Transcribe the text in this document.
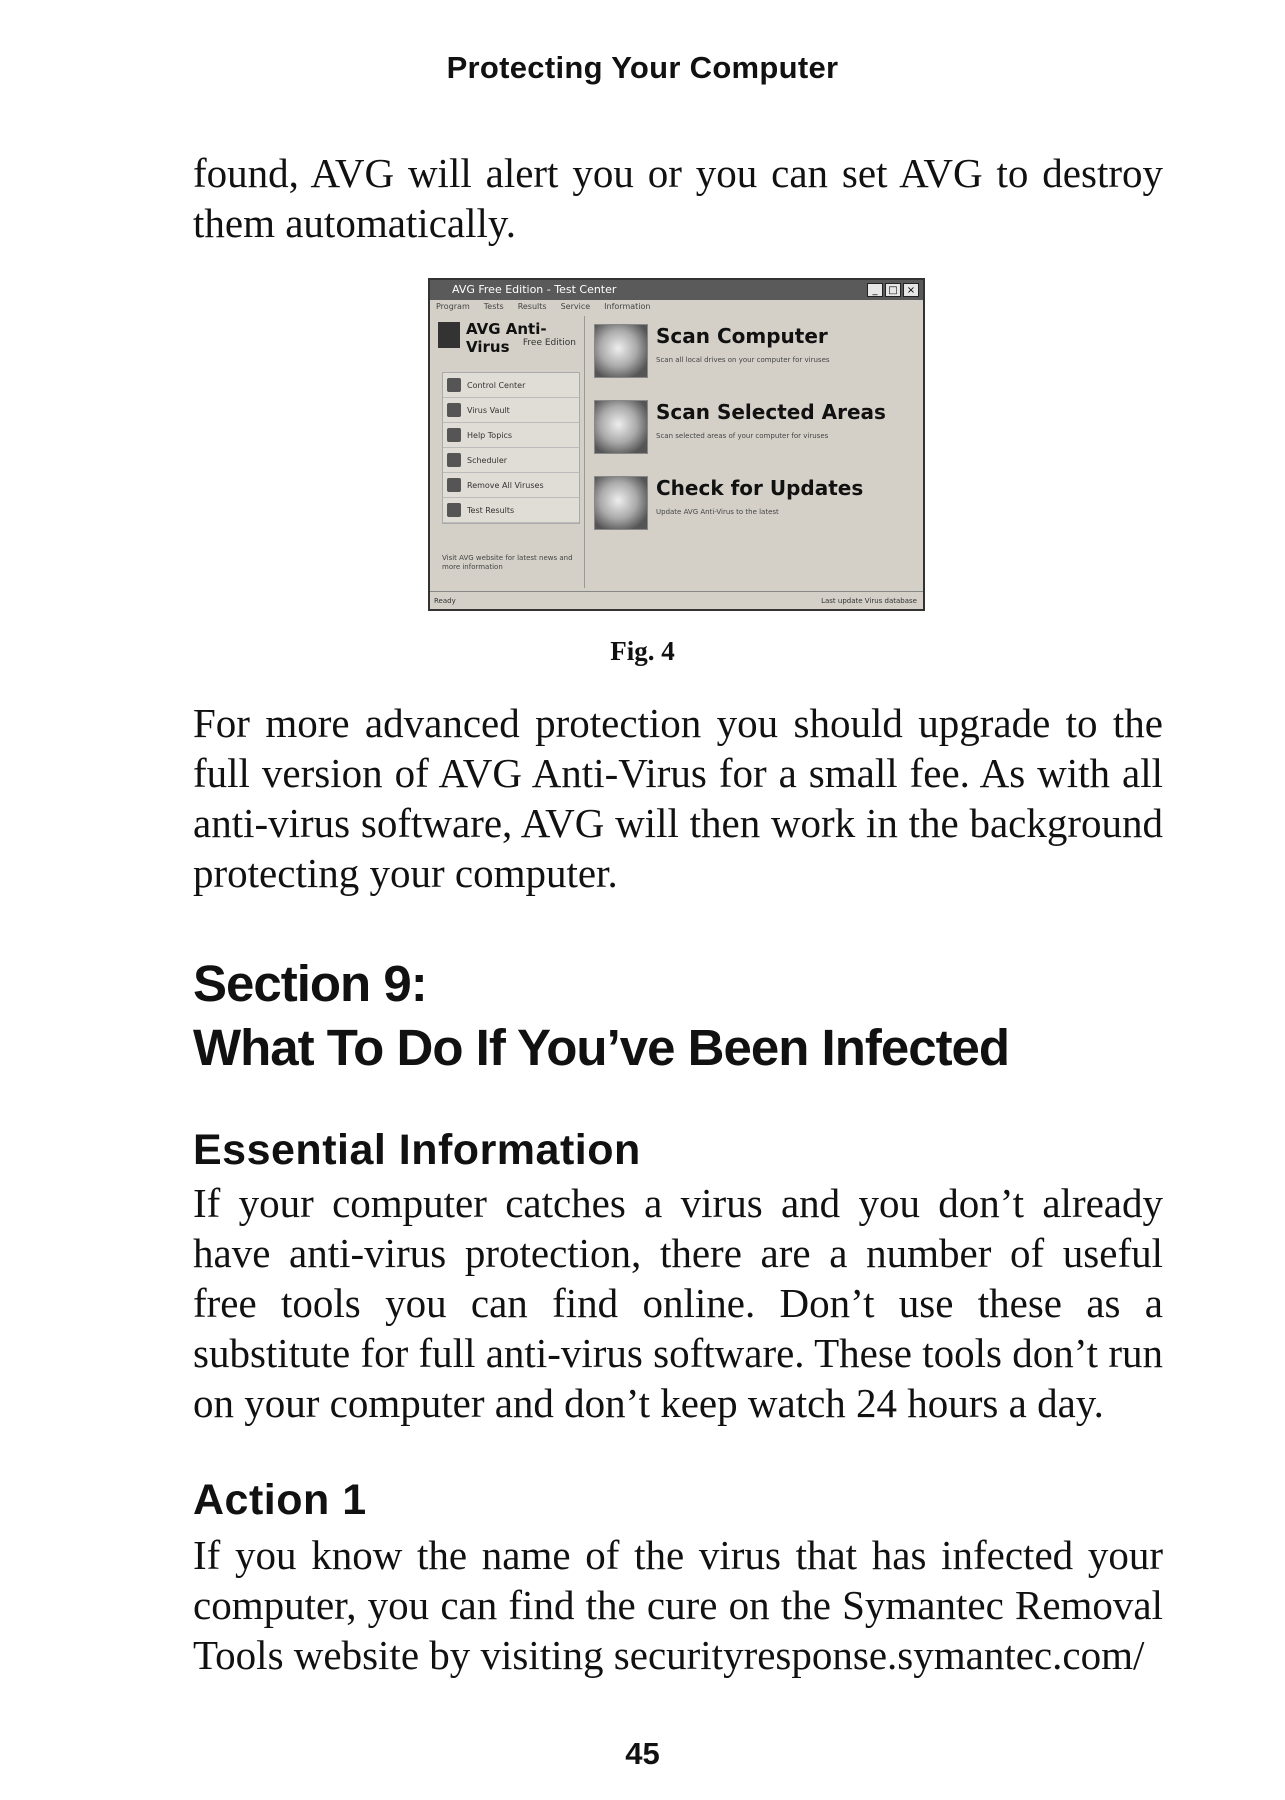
Protecting Your Computer

found, AVG will alert you or you can set AVG to destroy them automatically.

AVG Free Edition - Test Center	_	□ ×
Program Tests Results Service Information
AVG Anti-Virus	Free Edition
Control Center
Virus Vault
Help Topics
Scheduler
Remove All Viruses
Test Results
Visit AVG website for latest news and more information
Scan Computer
Scan all local drives on your computer for viruses
Scan Selected Areas
Scan selected areas of your computer for viruses
Check for Updates
Update AVG Anti-Virus to the latest
Ready	Last update Virus database

Fig. 4

For more advanced protection you should upgrade to the full version of AVG Anti-Virus for a small fee. As with all anti-virus software, AVG will then work in the background protecting your computer.

Section 9:
What To Do If You’ve Been Infected
Essential Information

If your computer catches a virus and you don’t already have anti-virus protection, there are a number of useful free tools you can find online. Don’t use these as a substitute for full anti-virus software. These tools don’t run on your computer and don’t keep watch 24 hours a day.

Action 1

If you know the name of the virus that has infected your computer, you can find the cure on the Symantec Removal Tools website by visiting securityresponse.symantec.com/

45
